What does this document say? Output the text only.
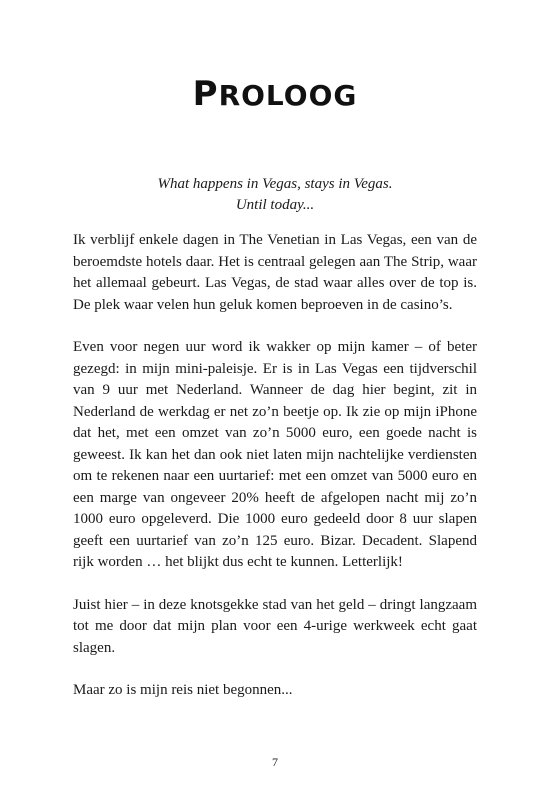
PROLOOG
What happens in Vegas, stays in Vegas.
Until today...

Ik verblijf enkele dagen in The Venetian in Las Vegas, een van de beroemdste hotels daar. Het is centraal gelegen aan The Strip, waar het allemaal gebeurt. Las Vegas, de stad waar alles over de top is. De plek waar velen hun geluk komen beproeven in de casino’s.

Even voor negen uur word ik wakker op mijn kamer – of beter gezegd: in mijn mini-paleisje. Er is in Las Vegas een tijdverschil van 9 uur met Nederland. Wanneer de dag hier begint, zit in Nederland de werkdag er net zo’n beetje op. Ik zie op mijn iPhone dat het, met een omzet van zo’n 5000 euro, een goede nacht is geweest. Ik kan het dan ook niet laten mijn nachtelijke verdiensten om te rekenen naar een uurtarief: met een omzet van 5000 euro en een marge van ongeveer 20% heeft de afgelopen nacht mij zo’n 1000 euro opgeleverd. Die 1000 euro gedeeld door 8 uur slapen geeft een uurtarief van zo’n 125 euro. Bizar. Decadent. Slapend rijk worden … het blijkt dus echt te kunnen. Letterlijk!

Juist hier – in deze knotsgekke stad van het geld – dringt langzaam tot me door dat mijn plan voor een 4-urige werkweek echt gaat slagen.

Maar zo is mijn reis niet begonnen...

7
